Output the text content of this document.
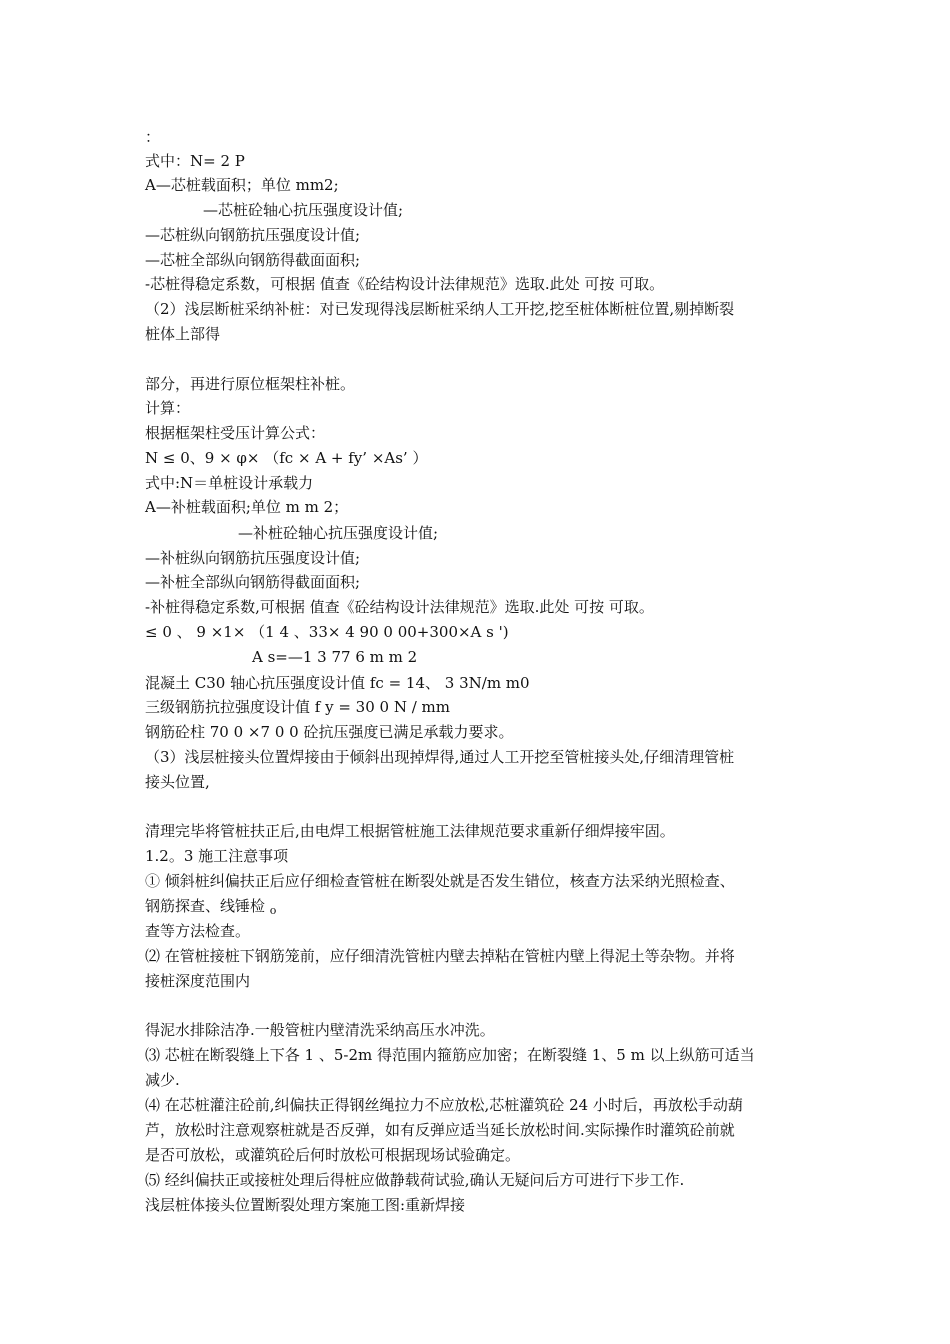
：
式中：N= 2 P
A—芯桩载面积；单位 mm2;
—芯桩砼轴心抗压强度设计值;
—芯桩纵向钢筋抗压强度设计值;
—芯桩全部纵向钢筋得截面面积;
-芯桩得稳定系数，可根据 值查《砼结构设计法律规范》选取.此处 可按 可取。
（2）浅层断桩采纳补桩：对已发现得浅层断桩采纳人工开挖,挖至桩体断桩位置,剔掉断裂
桩体上部得
部分，再进行原位框架柱补桩。
计算：
根据框架柱受压计算公式：
N ≤ 0、9 × φ× （fc × A + fy’ ×As’ ）
式中:N＝单桩设计承载力
A—补桩载面积;单位 m m 2；
—补桩砼轴心抗压强度设计值;
—补桩纵向钢筋抗压强度设计值;
—补桩全部纵向钢筋得截面面积;
-补桩得稳定系数,可根据 值查《砼结构设计法律规范》选取.此处 可按 可取。
≤ 0 、 9 ×1× （1 4 、33× 4 90 0 00+300×A s ')
A s=—1 3 77 6 m m 2
混凝土 C30 轴心抗压强度设计值 fc = 14、 3 3N/m m0
三级钢筋抗拉强度设计值 f y = 30 0 N / mm
钢筋砼柱 70 0 ×7 0 0 砼抗压强度已满足承载力要求。
（3）浅层桩接头位置焊接由于倾斜出现掉焊得,通过人工开挖至管桩接头处,仔细清理管桩
接头位置,
清理完毕将管桩扶正后,由电焊工根据管桩施工法律规范要求重新仔细焊接牢固。
1.2。3 施工注意事项
① 倾斜桩纠偏扶正后应仔细检查管桩在断裂处就是否发生错位，核查方法采纳光照检查、
钢筋探查、线锤检 $_o$
查等方法检查。
⑵ 在管桩接桩下钢筋笼前，应仔细清洗管桩内壁去掉粘在管桩内壁上得泥土等杂物。并将
接桩深度范围内
得泥水排除洁净.一般管桩内壁清洗采纳高压水冲洗。
⑶ 芯桩在断裂缝上下各 1 、5-2m 得范围内箍筋应加密；在断裂缝 1、5 m 以上纵筋可适当
减少.
⑷ 在芯桩灌注砼前,纠偏扶正得钢丝绳拉力不应放松,芯桩灌筑砼 24 小时后，再放松手动葫
芦，放松时注意观察桩就是否反弹，如有反弹应适当延长放松时间.实际操作时灌筑砼前就
是否可放松，或灌筑砼后何时放松可根据现场试验确定。
⑸ 经纠偏扶正或接桩处理后得桩应做静载荷试验,确认无疑问后方可进行下步工作.
浅层桩体接头位置断裂处理方案施工图:重新焊接
